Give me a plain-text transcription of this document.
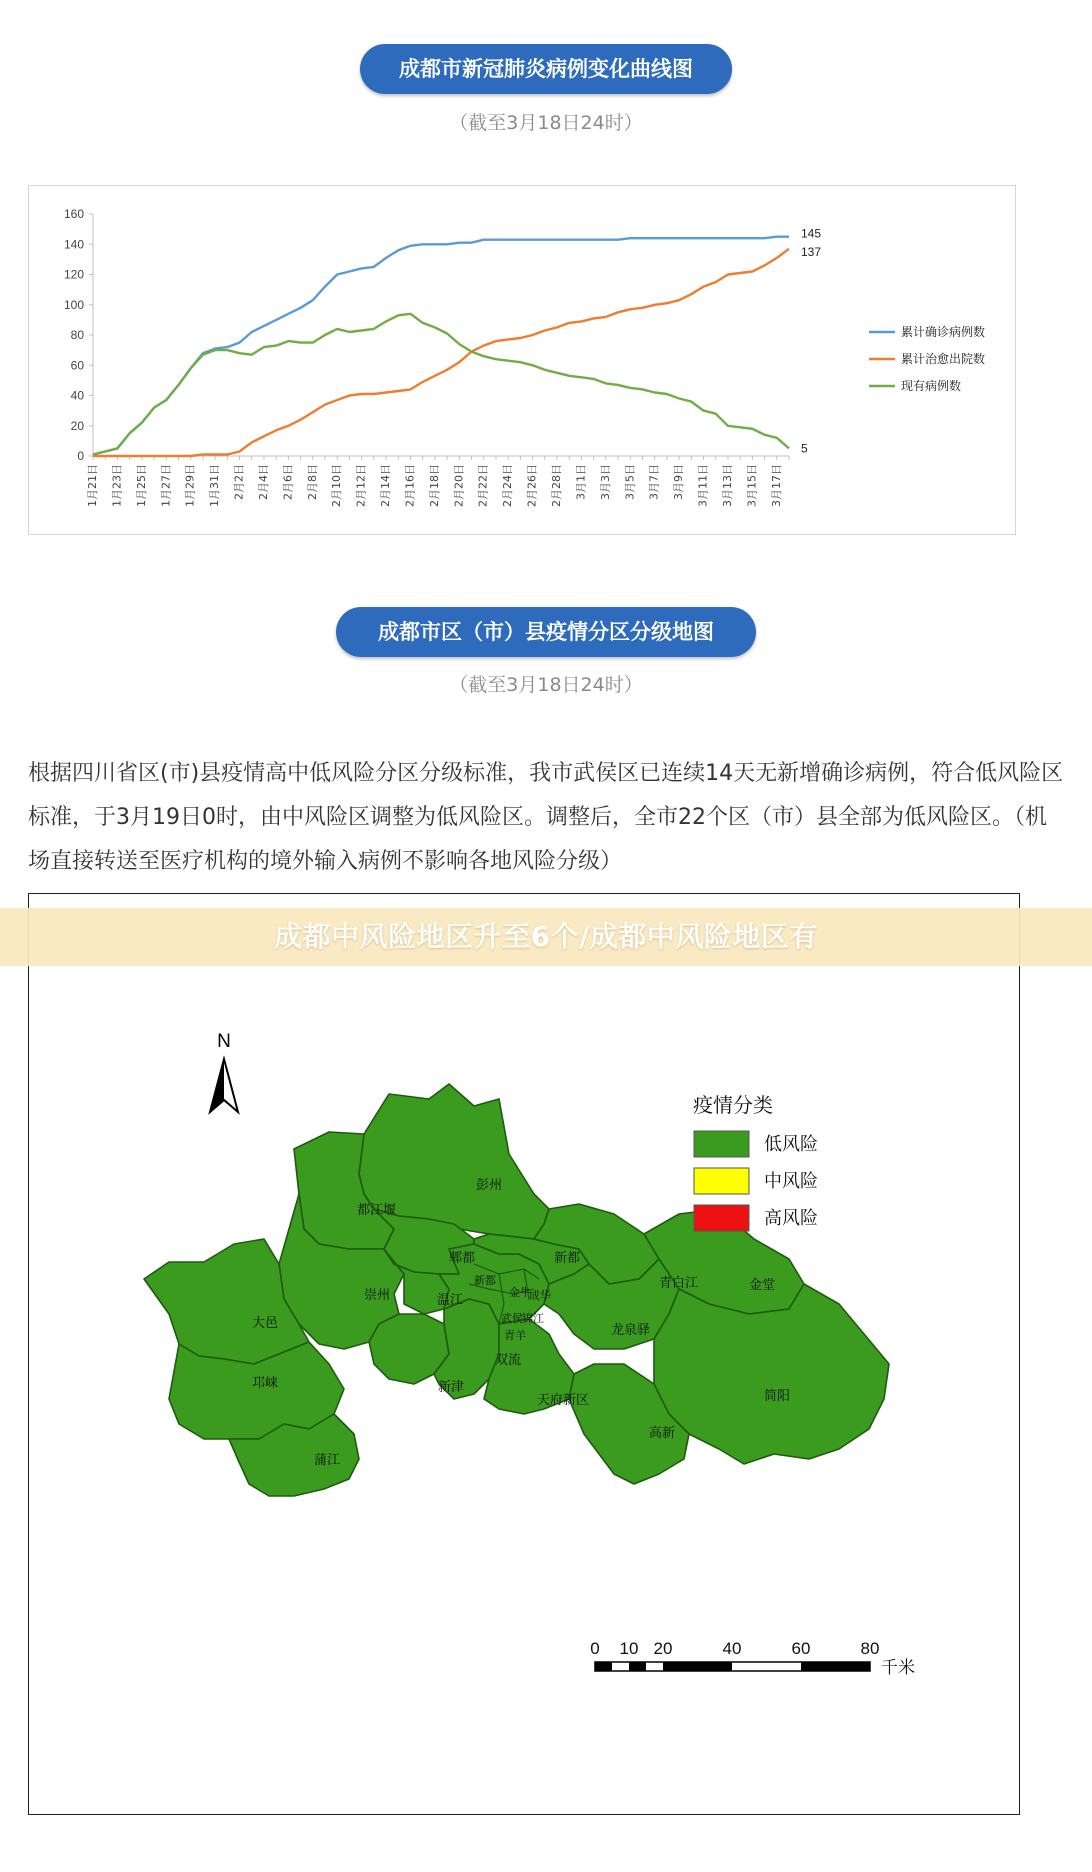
成都市新冠肺炎病例变化曲线图
（截至3月18日24时）
0
20
40
60
80
100
120
140
160
1月21日 1月23日 1月25日 1月27日 1月29日 1月31日 2月2日 2月4日 2月6日 2月8日 2月10日 2月12日 2月14日 2月16日 2月18日 2月20日 2月22日 2月24日 2月26日 2月28日 3月1日 3月3日 3月5日 3月7日 3月9日 3月11日 3月13日 3月15日 3月17日
145
累计确诊病例数
137
累计治愈出院数
5
现有病例数
成都市区（市）县疫情分区分级地图
（截至3月18日24时）
根据四川省区(市)县疫情高中低风险分区分级标准，我市武侯区已连续14天无新增确诊病例，符合低风险区标准，于3月19日0时，由中风险区调整为低风险区。调整后，全市22个区（市）县全部为低风险区。（机场直接转送至医疗机构的境外输入病例不影响各地风险分级）
N
彭州
都江堰
郫都	新都
青白江	金堂
大邑
崇州	温江
新都
成华
金牛
锦江
武侯
青羊	龙泉驿
邛崃
双流
新津
天府新区	简阳
蒲江
高新
疫情分类
低风险
中风险
高风险
0 10 20	40	60	80
千米
成都中风险地区升至6个/成都中风险地区有
